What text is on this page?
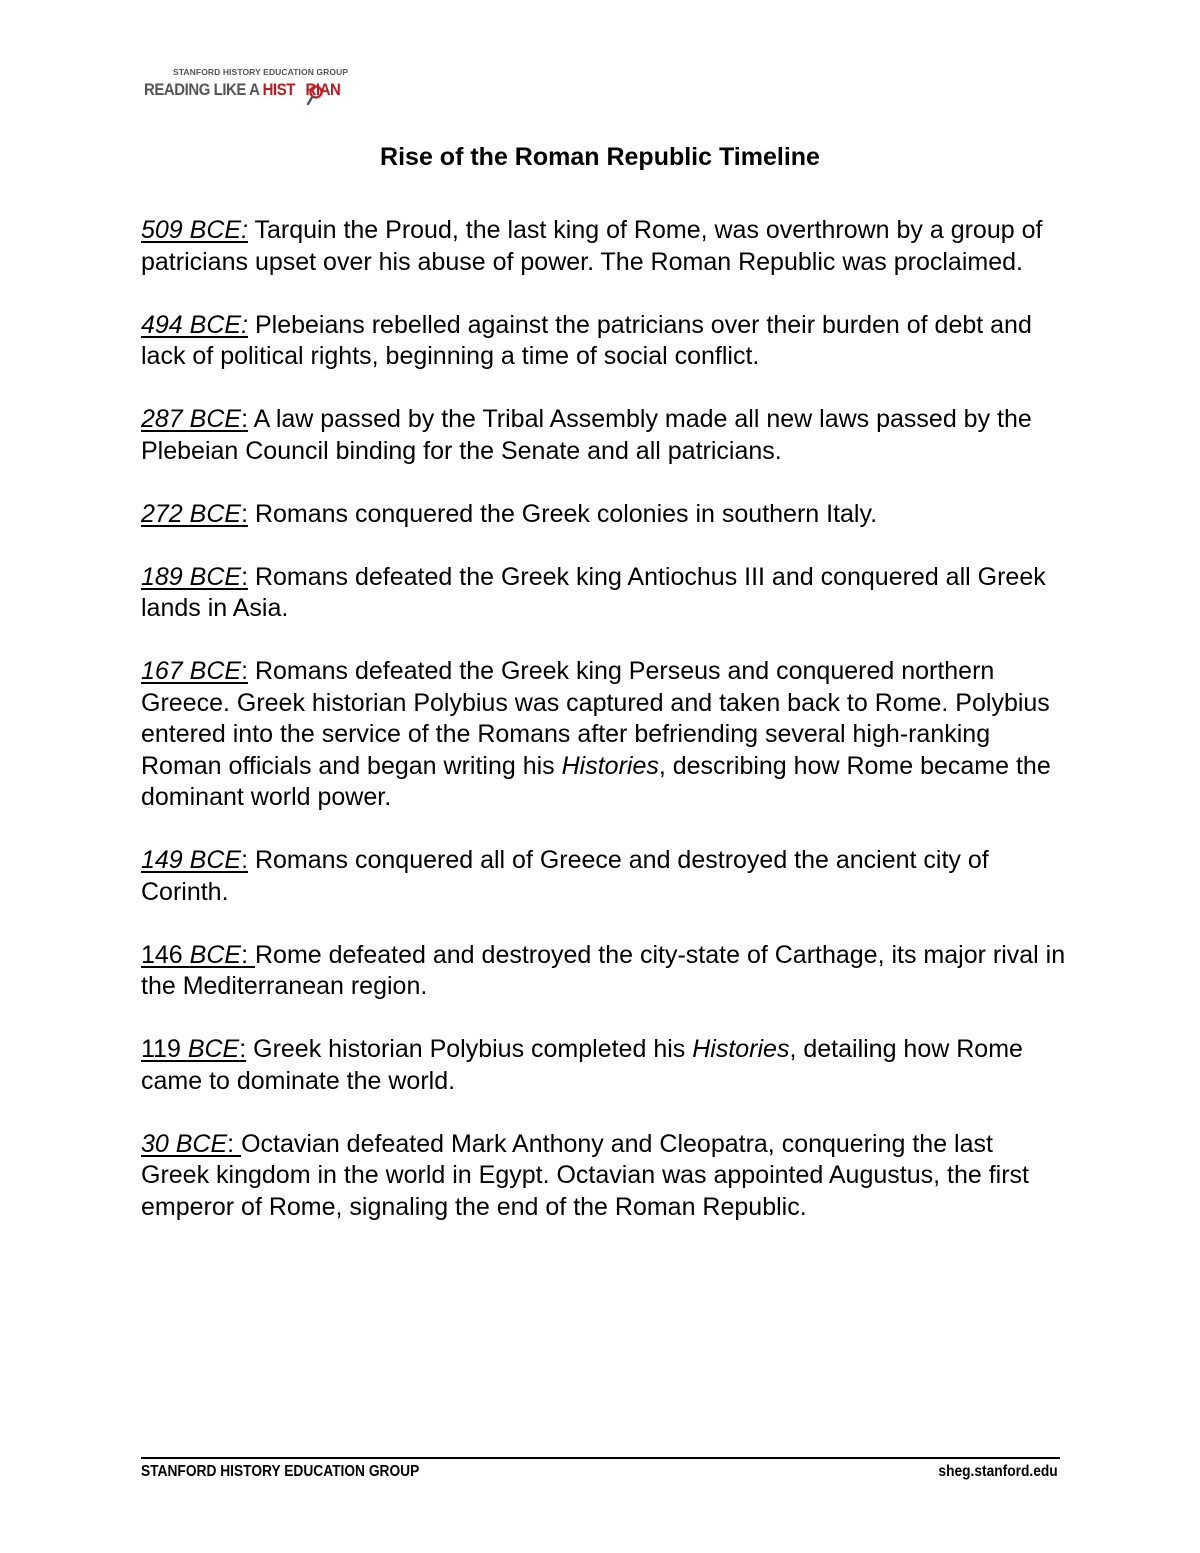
STANFORD HISTORY EDUCATION GROUP
READING LIKE A HIST RIAN
Rise of the Roman Republic Timeline

509 BCE: Tarquin the Proud, the last king of Rome, was overthrown by a group of patricians upset over his abuse of power. The Roman Republic was proclaimed.

494 BCE: Plebeians rebelled against the patricians over their burden of debt and lack of political rights, beginning a time of social conflict.

287 BCE: A law passed by the Tribal Assembly made all new laws passed by the Plebeian Council binding for the Senate and all patricians.

272 BCE: Romans conquered the Greek colonies in southern Italy.

189 BCE: Romans defeated the Greek king Antiochus III and conquered all Greek lands in Asia.

167 BCE: Romans defeated the Greek king Perseus and conquered northern Greece. Greek historian Polybius was captured and taken back to Rome. Polybius entered into the service of the Romans after befriending several high-ranking Roman officials and began writing his Histories, describing how Rome became the dominant world power.

149 BCE: Romans conquered all of Greece and destroyed the ancient city of Corinth.

146 BCE: Rome defeated and destroyed the city-state of Carthage, its major rival in the Mediterranean region.

119 BCE: Greek historian Polybius completed his Histories, detailing how Rome came to dominate the world.

30 BCE: Octavian defeated Mark Anthony and Cleopatra, conquering the last Greek kingdom in the world in Egypt. Octavian was appointed Augustus, the first emperor of Rome, signaling the end of the Roman Republic.

STANFORD HISTORY EDUCATION GROUP	sheg.stanford.edu
